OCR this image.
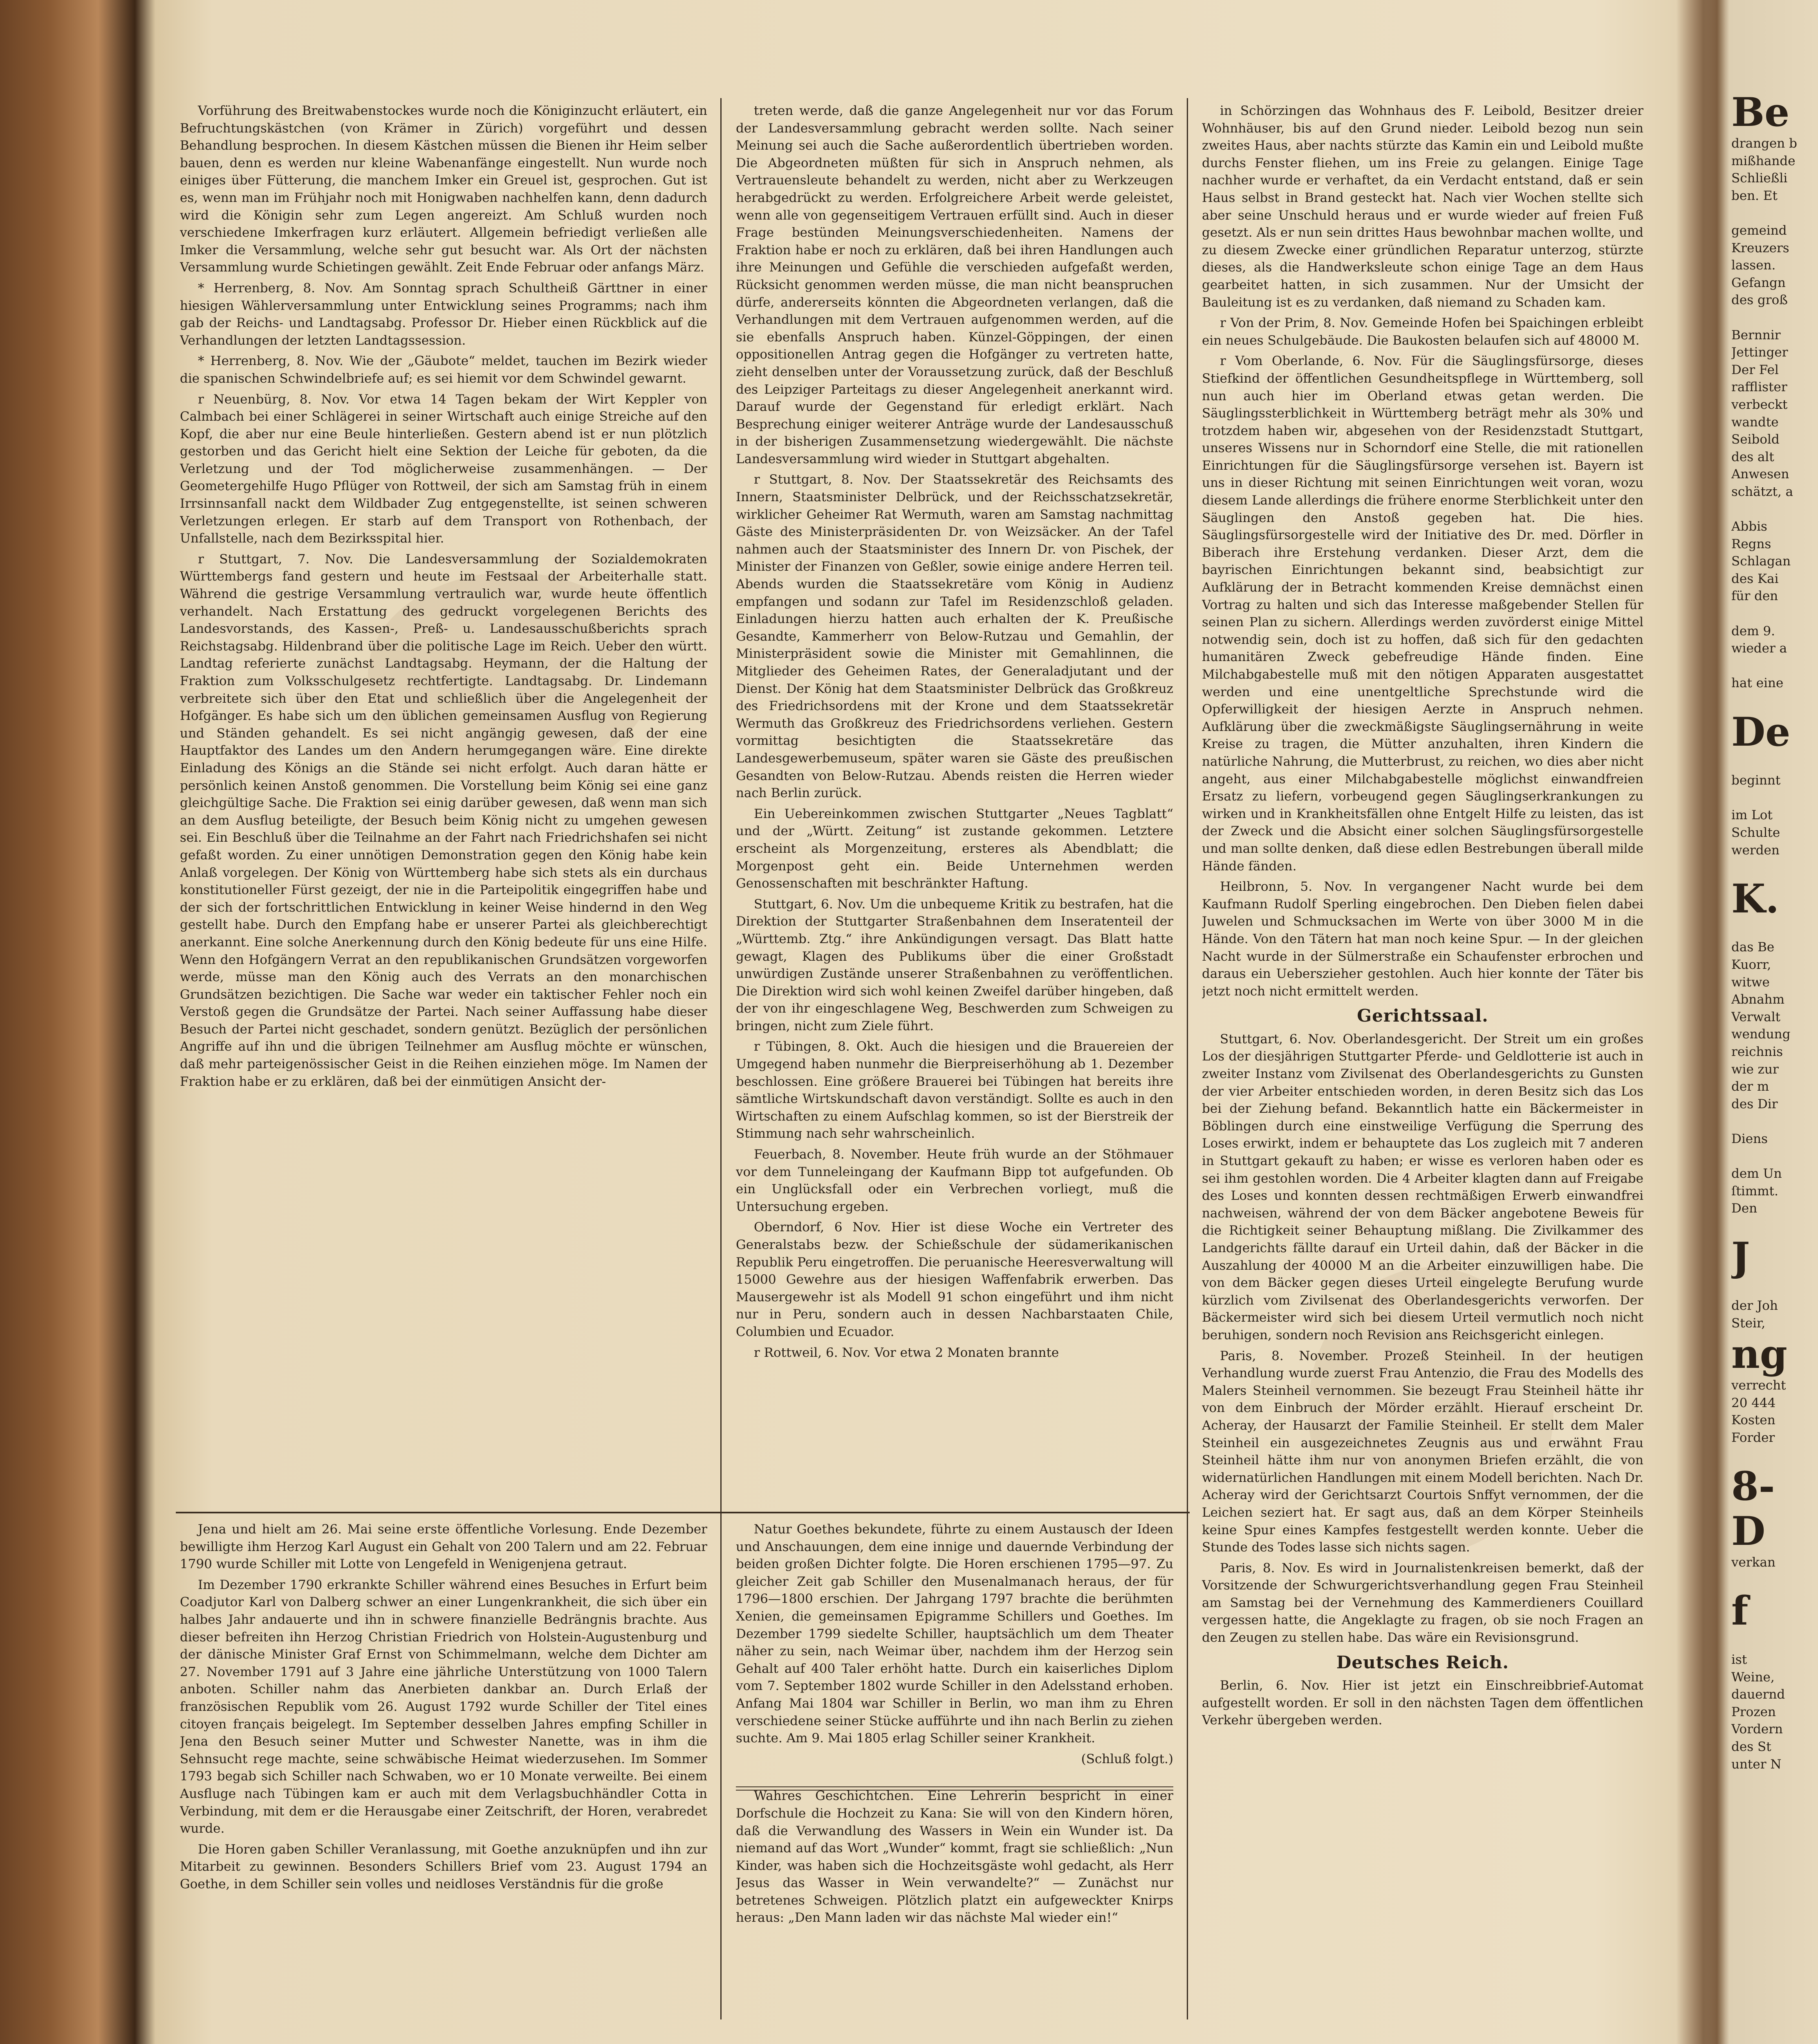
Vorführung des Breitwabenstockes wurde noch die Königinzucht erläutert, ein Befruchtungskästchen (von Krämer in Zürich) vorgeführt und dessen Behandlung besprochen. In diesem Kästchen müssen die Bienen ihr Heim selber bauen, denn es werden nur kleine Wabenanfänge eingestellt. Nun wurde noch einiges über Fütterung, die manchem Imker ein Greuel ist, gesprochen. Gut ist es, wenn man im Frühjahr noch mit Honigwaben nachhelfen kann, denn dadurch wird die Königin sehr zum Legen angereizt. Am Schluß wurden noch verschiedene Imkerfragen kurz erläutert. Allgemein befriedigt verließen alle Imker die Versammlung, welche sehr gut besucht war. Als Ort der nächsten Versammlung wurde Schietingen gewählt. Zeit Ende Februar oder anfangs März.

* Herrenberg, 8. Nov. Am Sonntag sprach Schultheiß Gärttner in einer hiesigen Wählerversammlung unter Entwicklung seines Programms; nach ihm gab der Reichs- und Landtagsabg. Professor Dr. Hieber einen Rückblick auf die Verhandlungen der letzten Landtagssession.

* Herrenberg, 8. Nov. Wie der „Gäubote“ meldet, tauchen im Bezirk wieder die spanischen Schwindelbriefe auf; es sei hiemit vor dem Schwindel gewarnt.

r Neuenbürg, 8. Nov. Vor etwa 14 Tagen bekam der Wirt Keppler von Calmbach bei einer Schlägerei in seiner Wirtschaft auch einige Streiche auf den Kopf, die aber nur eine Beule hinterließen. Gestern abend ist er nun plötzlich gestorben und das Gericht hielt eine Sektion der Leiche für geboten, da die Verletzung und der Tod möglicherweise zusammenhängen. — Der Geometergehilfe Hugo Pflüger von Rottweil, der sich am Samstag früh in einem Irrsinnsanfall nackt dem Wildbader Zug entgegenstellte, ist seinen schweren Verletzungen erlegen. Er starb auf dem Transport von Rothenbach, der Unfallstelle, nach dem Bezirksspital hier.

r Stuttgart, 7. Nov. Die Landesversammlung der Sozialdemokraten Württembergs fand gestern und heute im Festsaal der Arbeiterhalle statt. Während die gestrige Versammlung vertraulich war, wurde heute öffentlich verhandelt. Nach Erstattung des gedruckt vorgelegenen Berichts des Landesvorstands, des Kassen-, Preß- u. Landesausschußberichts sprach Reichstagsabg. Hildenbrand über die politische Lage im Reich. Ueber den württ. Landtag referierte zunächst Landtagsabg. Heymann, der die Haltung der Fraktion zum Volksschulgesetz rechtfertigte. Landtagsabg. Dr. Lindemann verbreitete sich über den Etat und schließlich über die Angelegenheit der Hofgänger. Es habe sich um den üblichen gemeinsamen Ausflug von Regierung und Ständen gehandelt. Es sei nicht angängig gewesen, daß der eine Hauptfaktor des Landes um den Andern herumgegangen wäre. Eine direkte Einladung des Königs an die Stände sei nicht erfolgt. Auch daran hätte er persönlich keinen Anstoß genommen. Die Vorstellung beim König sei eine ganz gleichgültige Sache. Die Fraktion sei einig darüber gewesen, daß wenn man sich an dem Ausflug beteiligte, der Besuch beim König nicht zu umgehen gewesen sei. Ein Beschluß über die Teilnahme an der Fahrt nach Friedrichshafen sei nicht gefaßt worden. Zu einer unnötigen Demonstration gegen den König habe kein Anlaß vorgelegen. Der König von Württemberg habe sich stets als ein durchaus konstitutioneller Fürst gezeigt, der nie in die Parteipolitik eingegriffen habe und der sich der fortschrittlichen Entwicklung in keiner Weise hindernd in den Weg gestellt habe. Durch den Empfang habe er unserer Partei als gleichberechtigt anerkannt. Eine solche Anerkennung durch den König bedeute für uns eine Hilfe. Wenn den Hofgängern Verrat an den republikanischen Grundsätzen vorgeworfen werde, müsse man den König auch des Verrats an den monarchischen Grundsätzen bezichtigen. Die Sache war weder ein taktischer Fehler noch ein Verstoß gegen die Grundsätze der Partei. Nach seiner Auffassung habe dieser Besuch der Partei nicht geschadet, sondern genützt. Bezüglich der persönlichen Angriffe auf ihn und die übrigen Teilnehmer am Ausflug möchte er wünschen, daß mehr parteigenössischer Geist in die Reihen einziehen möge. Im Namen der Fraktion habe er zu erklären, daß bei der einmütigen Ansicht der-

treten werde, daß die ganze Angelegenheit nur vor das Forum der Landesversammlung gebracht werden sollte. Nach seiner Meinung sei auch die Sache außerordentlich übertrieben worden. Die Abgeordneten müßten für sich in Anspruch nehmen, als Vertrauensleute behandelt zu werden, nicht aber zu Werkzeugen herabgedrückt zu werden. Erfolgreichere Arbeit werde geleistet, wenn alle von gegenseitigem Vertrauen erfüllt sind. Auch in dieser Frage bestünden Meinungsverschiedenheiten. Namens der Fraktion habe er noch zu erklären, daß bei ihren Handlungen auch ihre Meinungen und Gefühle die verschieden aufgefaßt werden, Rücksicht genommen werden müsse, die man nicht beanspruchen dürfe, andererseits könnten die Abgeordneten verlangen, daß die Verhandlungen mit dem Vertrauen aufgenommen werden, auf die sie ebenfalls Anspruch haben. Künzel-Göppingen, der einen oppositionellen Antrag gegen die Hofgänger zu vertreten hatte, zieht denselben unter der Voraussetzung zurück, daß der Beschluß des Leipziger Parteitags zu dieser Angelegenheit anerkannt wird. Darauf wurde der Gegenstand für erledigt erklärt. Nach Besprechung einiger weiterer Anträge wurde der Landesausschuß in der bisherigen Zusammensetzung wiedergewählt. Die nächste Landesversammlung wird wieder in Stuttgart abgehalten.

r Stuttgart, 8. Nov. Der Staatssekretär des Reichsamts des Innern, Staatsminister Delbrück, und der Reichsschatzsekretär, wirklicher Geheimer Rat Wermuth, waren am Samstag nachmittag Gäste des Ministerpräsidenten Dr. von Weizsäcker. An der Tafel nahmen auch der Staatsminister des Innern Dr. von Pischek, der Minister der Finanzen von Geßler, sowie einige andere Herren teil. Abends wurden die Staatssekretäre vom König in Audienz empfangen und sodann zur Tafel im Residenzschloß geladen. Einladungen hierzu hatten auch erhalten der K. Preußische Gesandte, Kammerherr von Below-Rutzau und Gemahlin, der Ministerpräsident sowie die Minister mit Gemahlinnen, die Mitglieder des Geheimen Rates, der Generaladjutant und der Dienst. Der König hat dem Staatsminister Delbrück das Großkreuz des Friedrichsordens mit der Krone und dem Staatssekretär Wermuth das Großkreuz des Friedrichsordens verliehen. Gestern vormittag besichtigten die Staatssekretäre das Landesgewerbemuseum, später waren sie Gäste des preußischen Gesandten von Below-Rutzau. Abends reisten die Herren wieder nach Berlin zurück.

Ein Uebereinkommen zwischen Stuttgarter „Neues Tagblatt“ und der „Württ. Zeitung“ ist zustande gekommen. Letztere erscheint als Morgenzeitung, ersteres als Abendblatt; die Morgenpost geht ein. Beide Unternehmen werden Genossenschaften mit beschränkter Haftung.

Stuttgart, 6. Nov. Um die unbequeme Kritik zu bestrafen, hat die Direktion der Stuttgarter Straßenbahnen dem Inseratenteil der „Württemb. Ztg.“ ihre Ankündigungen versagt. Das Blatt hatte gewagt, Klagen des Publikums über die einer Großstadt unwürdigen Zustände unserer Straßenbahnen zu veröffentlichen. Die Direktion wird sich wohl keinen Zweifel darüber hingeben, daß der von ihr eingeschlagene Weg, Beschwerden zum Schweigen zu bringen, nicht zum Ziele führt.

r Tübingen, 8. Okt. Auch die hiesigen und die Brauereien der Umgegend haben nunmehr die Bierpreiserhöhung ab 1. Dezember beschlossen. Eine größere Brauerei bei Tübingen hat bereits ihre sämtliche Wirtskundschaft davon verständigt. Sollte es auch in den Wirtschaften zu einem Aufschlag kommen, so ist der Bierstreik der Stimmung nach sehr wahrscheinlich.

Feuerbach, 8. November. Heute früh wurde an der Stöhmauer vor dem Tunneleingang der Kaufmann Bipp tot aufgefunden. Ob ein Unglücksfall oder ein Verbrechen vorliegt, muß die Untersuchung ergeben.

Oberndorf, 6 Nov. Hier ist diese Woche ein Vertreter des Generalstabs bezw. der Schießschule der südamerikanischen Republik Peru eingetroffen. Die peruanische Heeresverwaltung will 15000 Gewehre aus der hiesigen Waffenfabrik erwerben. Das Mausergewehr ist als Modell 91 schon eingeführt und ihm nicht nur in Peru, sondern auch in dessen Nachbarstaaten Chile, Columbien und Ecuador.

r Rottweil, 6. Nov. Vor etwa 2 Monaten brannte

in Schörzingen das Wohnhaus des F. Leibold, Besitzer dreier Wohnhäuser, bis auf den Grund nieder. Leibold bezog nun sein zweites Haus, aber nachts stürzte das Kamin ein und Leibold mußte durchs Fenster fliehen, um ins Freie zu gelangen. Einige Tage nachher wurde er verhaftet, da ein Verdacht entstand, daß er sein Haus selbst in Brand gesteckt hat. Nach vier Wochen stellte sich aber seine Unschuld heraus und er wurde wieder auf freien Fuß gesetzt. Als er nun sein drittes Haus bewohnbar machen wollte, und zu diesem Zwecke einer gründlichen Reparatur unterzog, stürzte dieses, als die Handwerksleute schon einige Tage an dem Haus gearbeitet hatten, in sich zusammen. Nur der Umsicht der Bauleitung ist es zu verdanken, daß niemand zu Schaden kam.

r Von der Prim, 8. Nov. Gemeinde Hofen bei Spaichingen erbleibt ein neues Schulgebäude. Die Baukosten belaufen sich auf 48000 M.

r Vom Oberlande, 6. Nov. Für die Säuglingsfürsorge, dieses Stiefkind der öffentlichen Gesundheitspflege in Württemberg, soll nun auch hier im Oberland etwas getan werden. Die Säuglingssterblichkeit in Württemberg beträgt mehr als 30% und trotzdem haben wir, abgesehen von der Residenzstadt Stuttgart, unseres Wissens nur in Schorndorf eine Stelle, die mit rationellen Einrichtungen für die Säuglingsfürsorge versehen ist. Bayern ist uns in dieser Richtung mit seinen Einrichtungen weit voran, wozu diesem Lande allerdings die frühere enorme Sterblichkeit unter den Säuglingen den Anstoß gegeben hat. Die hies. Säuglingsfürsorgestelle wird der Initiative des Dr. med. Dörfler in Biberach ihre Erstehung verdanken. Dieser Arzt, dem die bayrischen Einrichtungen bekannt sind, beabsichtigt zur Aufklärung der in Betracht kommenden Kreise demnächst einen Vortrag zu halten und sich das Interesse maßgebender Stellen für seinen Plan zu sichern. Allerdings werden zuvörderst einige Mittel notwendig sein, doch ist zu hoffen, daß sich für den gedachten humanitären Zweck gebefreudige Hände finden. Eine Milchabgabestelle muß mit den nötigen Apparaten ausgestattet werden und eine unentgeltliche Sprechstunde wird die Opferwilligkeit der hiesigen Aerzte in Anspruch nehmen. Aufklärung über die zweckmäßigste Säuglingsernährung in weite Kreise zu tragen, die Mütter anzuhalten, ihren Kindern die natürliche Nahrung, die Mutterbrust, zu reichen, wo dies aber nicht angeht, aus einer Milchabgabestelle möglichst einwandfreien Ersatz zu liefern, vorbeugend gegen Säuglingserkrankungen zu wirken und in Krankheitsfällen ohne Entgelt Hilfe zu leisten, das ist der Zweck und die Absicht einer solchen Säuglingsfürsorgestelle und man sollte denken, daß diese edlen Bestrebungen überall milde Hände fänden.

Heilbronn, 5. Nov. In vergangener Nacht wurde bei dem Kaufmann Rudolf Sperling eingebrochen. Den Dieben fielen dabei Juwelen und Schmucksachen im Werte von über 3000 M in die Hände. Von den Tätern hat man noch keine Spur. — In der gleichen Nacht wurde in der Sülmerstraße ein Schaufenster erbrochen und daraus ein Ueberszieher gestohlen. Auch hier konnte der Täter bis jetzt noch nicht ermittelt werden.

Gerichtssaal.

Stuttgart, 6. Nov. Oberlandesgericht. Der Streit um ein großes Los der diesjährigen Stuttgarter Pferde- und Geldlotterie ist auch in zweiter Instanz vom Zivilsenat des Oberlandesgerichts zu Gunsten der vier Arbeiter entschieden worden, in deren Besitz sich das Los bei der Ziehung befand. Bekanntlich hatte ein Bäckermeister in Böblingen durch eine einstweilige Verfügung die Sperrung des Loses erwirkt, indem er behauptete das Los zugleich mit 7 anderen in Stuttgart gekauft zu haben; er wisse es verloren haben oder es sei ihm gestohlen worden. Die 4 Arbeiter klagten dann auf Freigabe des Loses und konnten dessen rechtmäßigen Erwerb einwandfrei nachweisen, während der von dem Bäcker angebotene Beweis für die Richtigkeit seiner Behauptung mißlang. Die Zivilkammer des Landgerichts fällte darauf ein Urteil dahin, daß der Bäcker in die Auszahlung der 40000 M an die Arbeiter einzuwilligen habe. Die von dem Bäcker gegen dieses Urteil eingelegte Berufung wurde kürzlich vom Zivilsenat des Oberlandesgerichts verworfen. Der Bäckermeister wird sich bei diesem Urteil vermutlich noch nicht beruhigen, sondern noch Revision ans Reichsgericht einlegen.

Paris, 8. November. Prozeß Steinheil. In der heutigen Verhandlung wurde zuerst Frau Antenzio, die Frau des Modells des Malers Steinheil vernommen. Sie bezeugt Frau Steinheil hätte ihr von dem Einbruch der Mörder erzählt. Hierauf erscheint Dr. Acheray, der Hausarzt der Familie Steinheil. Er stellt dem Maler Steinheil ein ausgezeichnetes Zeugnis aus und erwähnt Frau Steinheil hätte ihm nur von anonymen Briefen erzählt, die von widernatürlichen Handlungen mit einem Modell berichten. Nach Dr. Acheray wird der Gerichtsarzt Courtois Snffyt vernommen, der die Leichen seziert hat. Er sagt aus, daß an dem Körper Steinheils keine Spur eines Kampfes festgestellt werden konnte. Ueber die Stunde des Todes lasse sich nichts sagen.

Paris, 8. Nov. Es wird in Journalistenkreisen bemerkt, daß der Vorsitzende der Schwurgerichtsverhandlung gegen Frau Steinheil am Samstag bei der Vernehmung des Kammerdieners Couillard vergessen hatte, die Angeklagte zu fragen, ob sie noch Fragen an den Zeugen zu stellen habe. Das wäre ein Revisionsgrund.

Deutsches Reich.

Berlin, 6. Nov. Hier ist jetzt ein Einschreibbrief-Automat aufgestellt worden. Er soll in den nächsten Tagen dem öffentlichen Verkehr übergeben werden.

Jena und hielt am 26. Mai seine erste öffentliche Vorlesung. Ende Dezember bewilligte ihm Herzog Karl August ein Gehalt von 200 Talern und am 22. Februar 1790 wurde Schiller mit Lotte von Lengefeld in Wenigenjena getraut.

Im Dezember 1790 erkrankte Schiller während eines Besuches in Erfurt beim Coadjutor Karl von Dalberg schwer an einer Lungenkrankheit, die sich über ein halbes Jahr andauerte und ihn in schwere finanzielle Bedrängnis brachte. Aus dieser befreiten ihn Herzog Christian Friedrich von Holstein-Augustenburg und der dänische Minister Graf Ernst von Schimmelmann, welche dem Dichter am 27. November 1791 auf 3 Jahre eine jährliche Unterstützung von 1000 Talern anboten. Schiller nahm das Anerbieten dankbar an. Durch Erlaß der französischen Republik vom 26. August 1792 wurde Schiller der Titel eines citoyen français beigelegt. Im September desselben Jahres empfing Schiller in Jena den Besuch seiner Mutter und Schwester Nanette, was in ihm die Sehnsucht rege machte, seine schwäbische Heimat wiederzusehen. Im Sommer 1793 begab sich Schiller nach Schwaben, wo er 10 Monate verweilte. Bei einem Ausfluge nach Tübingen kam er auch mit dem Verlagsbuchhändler Cotta in Verbindung, mit dem er die Herausgabe einer Zeitschrift, der Horen, verabredet wurde.

Die Horen gaben Schiller Veranlassung, mit Goethe anzuknüpfen und ihn zur Mitarbeit zu gewinnen. Besonders Schillers Brief vom 23. August 1794 an Goethe, in dem Schiller sein volles und neidloses Verständnis für die große

Natur Goethes bekundete, führte zu einem Austausch der Ideen und Anschauungen, dem eine innige und dauernde Verbindung der beiden großen Dichter folgte. Die Horen erschienen 1795—97. Zu gleicher Zeit gab Schiller den Musenalmanach heraus, der für 1796—1800 erschien. Der Jahrgang 1797 brachte die berühmten Xenien, die gemeinsamen Epigramme Schillers und Goethes. Im Dezember 1799 siedelte Schiller, hauptsächlich um dem Theater näher zu sein, nach Weimar über, nachdem ihm der Herzog sein Gehalt auf 400 Taler erhöht hatte. Durch ein kaiserliches Diplom vom 7. September 1802 wurde Schiller in den Adelsstand erhoben. Anfang Mai 1804 war Schiller in Berlin, wo man ihm zu Ehren verschiedene seiner Stücke aufführte und ihn nach Berlin zu ziehen suchte. Am 9. Mai 1805 erlag Schiller seiner Krankheit.

(Schluß folgt.)

Wahres Geschichtchen. Eine Lehrerin bespricht in einer Dorfschule die Hochzeit zu Kana: Sie will von den Kindern hören, daß die Verwandlung des Wassers in Wein ein Wunder ist. Da niemand auf das Wort „Wunder“ kommt, fragt sie schließlich: „Nun Kinder, was haben sich die Hochzeitsgäste wohl gedacht, als Herr Jesus das Wasser in Wein verwandelte?“ — Zunächst nur betretenes Schweigen. Plötzlich platzt ein aufgeweckter Knirps heraus: „Den Mann laden wir das nächste Mal wieder ein!“

Be
drangen b
mißhande
Schließli
ben. Et

gemeind
Kreuzers
lassen.
Gefangn
des groß

Bernnir
Jettinger
Der Fel
rafflister
verbeckt
wandte
Seibold
des alt
Anwesen
schätzt, a

Abbis
Regns
Schlagan
des Kai
für den

dem 9.
wieder a

hat eine

De

beginnt

im Lot
Schulte
werden

K.

das Be
Kuorr,
witwe
Abnahm
Verwalt
wendung
reichnis
wie zur
der m
des Dir

Diens

dem Un
ſtimmt.
Den

J

der Joh
Steir,
ng
verrecht
20 444
Kosten
Forder

8-
D
verkan

f

ist
Weine,
dauernd
Prozen
Vordern
des St
unter N
